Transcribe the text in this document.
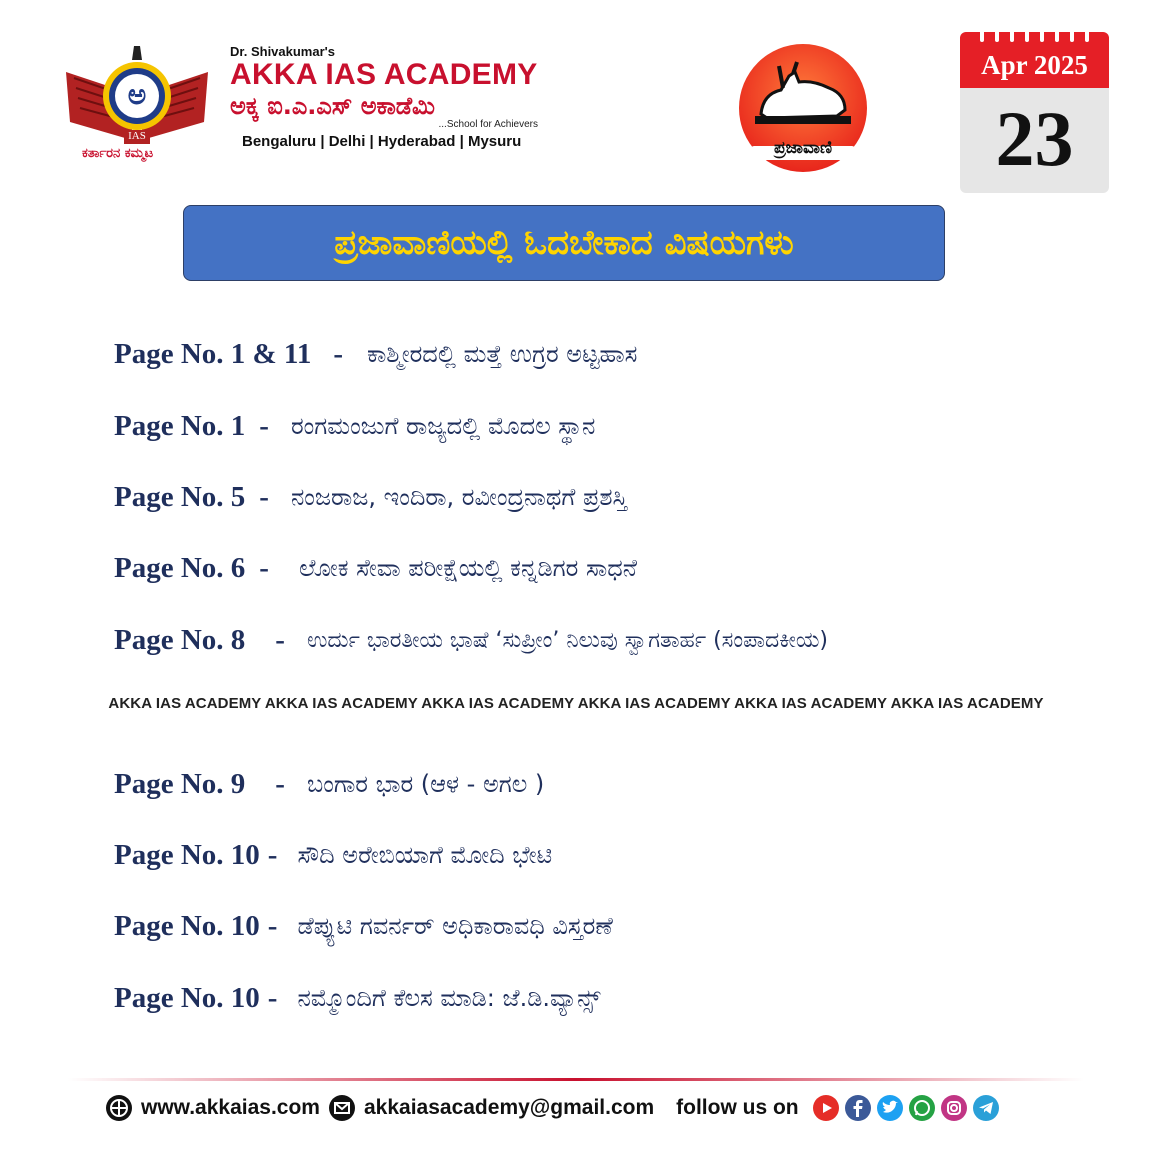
ಅ
IAS
ಕರ್ತಾರನ ಕಮ್ಮಟ
Dr. Shivakumar's
AKKA IAS ACADEMY
ಅಕ್ಕ ಐ.ಎ.ಎಸ್ ಅಕಾಡೆಮಿ
...School for Achievers
Bengaluru | Delhi | Hyderabad | Mysuru	ಪ್ರಜಾವಾಣಿ
Apr 2025
23
ಪ್ರಜಾವಾಣಿಯಲ್ಲಿ ಓದಬೇಕಾದ ವಿಷಯಗಳು
Page No. 1 & 11 - ಕಾಶ್ಮೀರದಲ್ಲಿ ಮತ್ತೆ ಉಗ್ರರ ಅಟ್ಟಹಾಸ
Page No. 1 - ರಂಗಮಂಜುಗೆ ರಾಜ್ಯದಲ್ಲಿ ಮೊದಲ ಸ್ಥಾನ
Page No. 5 - ನಂಜರಾಜ, ಇಂದಿರಾ, ರವೀಂದ್ರನಾಥಗೆ ಪ್ರಶಸ್ತಿ
Page No. 6 - ಲೋಕ ಸೇವಾ ಪರೀಕ್ಷೆಯಲ್ಲಿ ಕನ್ನಡಿಗರ ಸಾಧನೆ
Page No. 8 - ಉರ್ದು ಭಾರತೀಯ ಭಾಷೆ ‘ಸುಪ್ರೀಂ’ ನಿಲುವು ಸ್ವಾಗತಾರ್ಹ (ಸಂಪಾದಕೀಯ)
AKKA IAS ACADEMY AKKA IAS ACADEMY AKKA IAS ACADEMY AKKA IAS ACADEMY AKKA IAS ACADEMY AKKA IAS ACADEMY
Page No. 9 - ಬಂಗಾರ ಭಾರ (ಆಳ - ಅಗಲ )
Page No. 10 - ಸೌದಿ ಅರೇಬಿಯಾಗೆ ಮೋದಿ ಭೇಟಿ
Page No. 10 - ಡೆಪ್ಯುಟಿ ಗವರ್ನರ್ ಅಧಿಕಾರಾವಧಿ ವಿಸ್ತರಣೆ
Page No. 10 - ನಮ್ಮೊಂದಿಗೆ ಕೆಲಸ ಮಾಡಿ: ಜೆ.ಡಿ.ವ್ಯಾನ್ಸ್
www.akkaias.com akkaiasacademy@gmail.com follow us on
